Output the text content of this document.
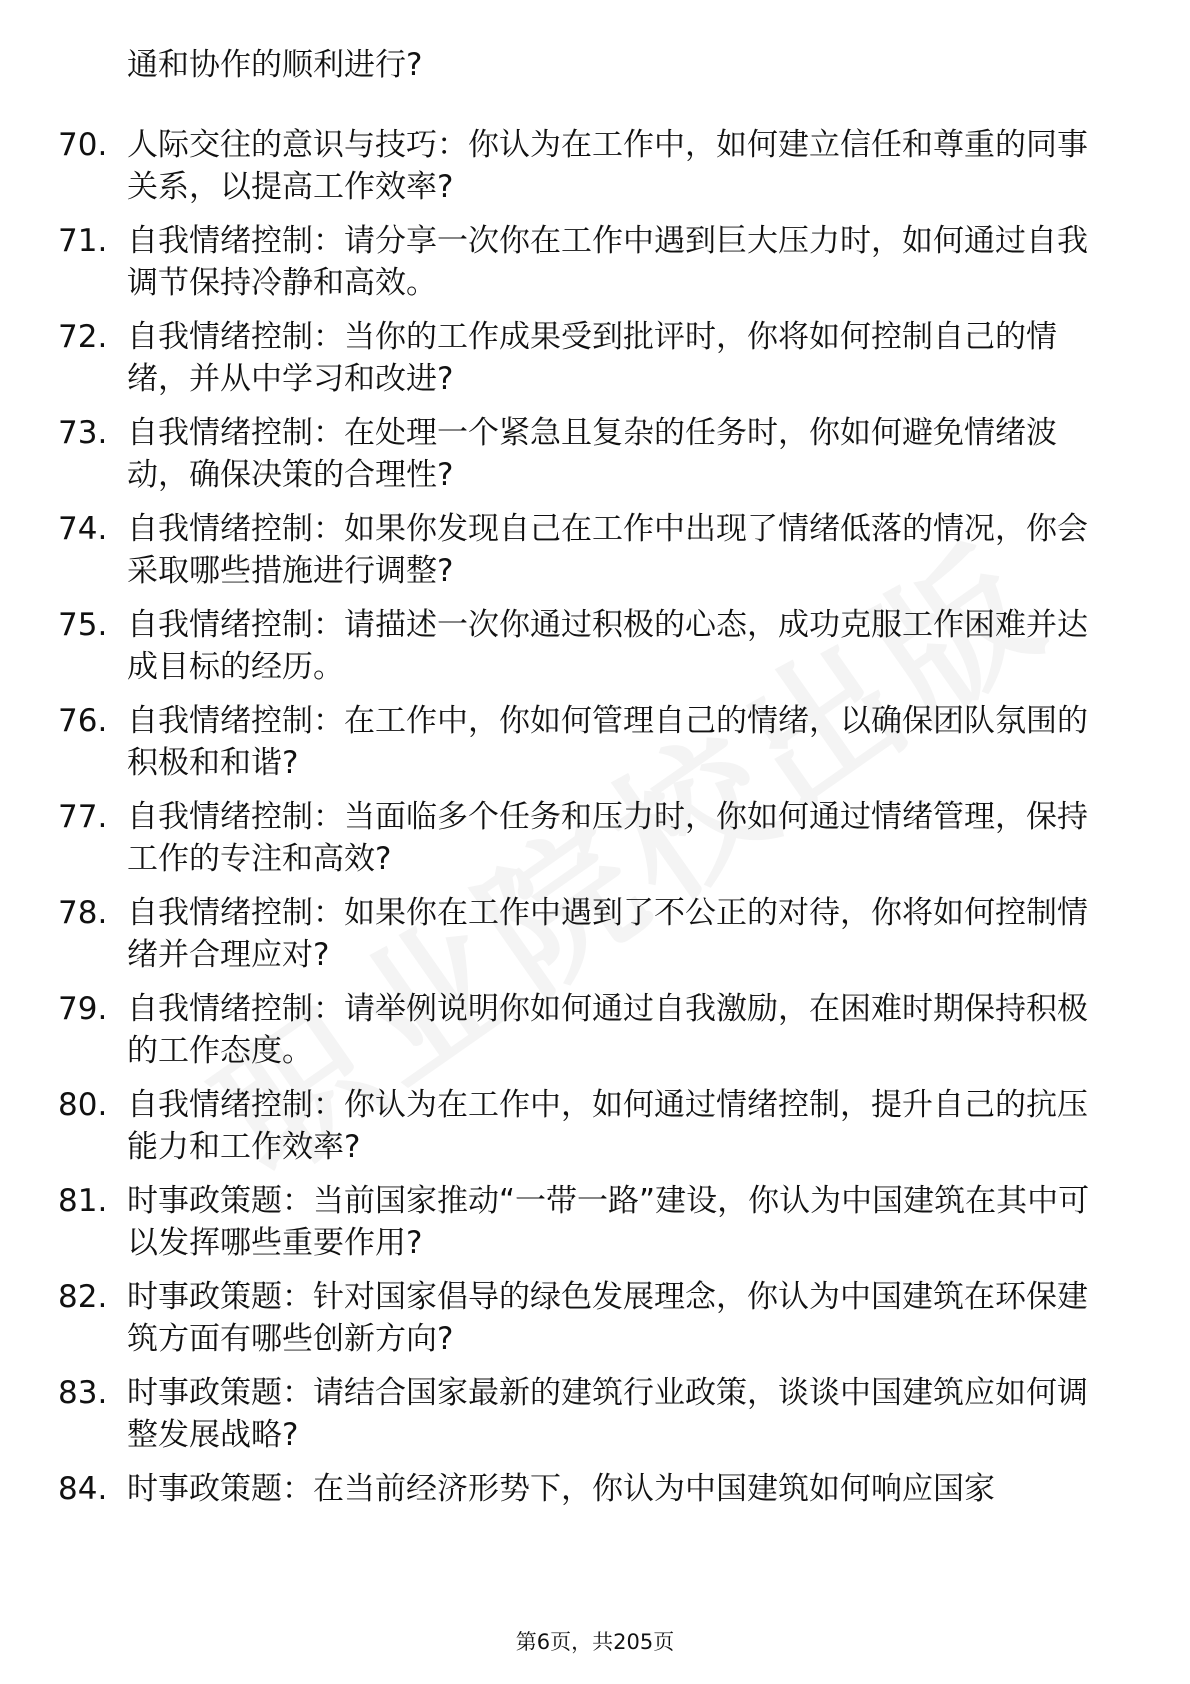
通和协作的顺利进行?
70. 人际交往的意识与技巧：你认为在工作中，如何建立信任和尊重的同事关系，以提高工作效率?
71. 自我情绪控制：请分享一次你在工作中遇到巨大压力时，如何通过自我调节保持冷静和高效。
72. 自我情绪控制：当你的工作成果受到批评时，你将如何控制自己的情绪，并从中学习和改进?
73. 自我情绪控制：在处理一个紧急且复杂的任务时，你如何避免情绪波动，确保决策的合理性?
74. 自我情绪控制：如果你发现自己在工作中出现了情绪低落的情况，你会采取哪些措施进行调整?
75. 自我情绪控制：请描述一次你通过积极的心态，成功克服工作困难并达成目标的经历。
76. 自我情绪控制：在工作中，你如何管理自己的情绪，以确保团队氛围的积极和和谐?
77. 自我情绪控制：当面临多个任务和压力时，你如何通过情绪管理，保持工作的专注和高效?
78. 自我情绪控制：如果你在工作中遇到了不公正的对待，你将如何控制情绪并合理应对?
79. 自我情绪控制：请举例说明你如何通过自我激励，在困难时期保持积极的工作态度。
80. 自我情绪控制：你认为在工作中，如何通过情绪控制，提升自己的抗压能力和工作效率?
81. 时事政策题：当前国家推动“一带一路”建设，你认为中国建筑在其中可以发挥哪些重要作用?
82. 时事政策题：针对国家倡导的绿色发展理念，你认为中国建筑在环保建筑方面有哪些创新方向?
83. 时事政策题：请结合国家最新的建筑行业政策，谈谈中国建筑应如何调整发展战略?
84. 时事政策题：在当前经济形势下，你认为中国建筑如何响应国家
第6页，共205页
